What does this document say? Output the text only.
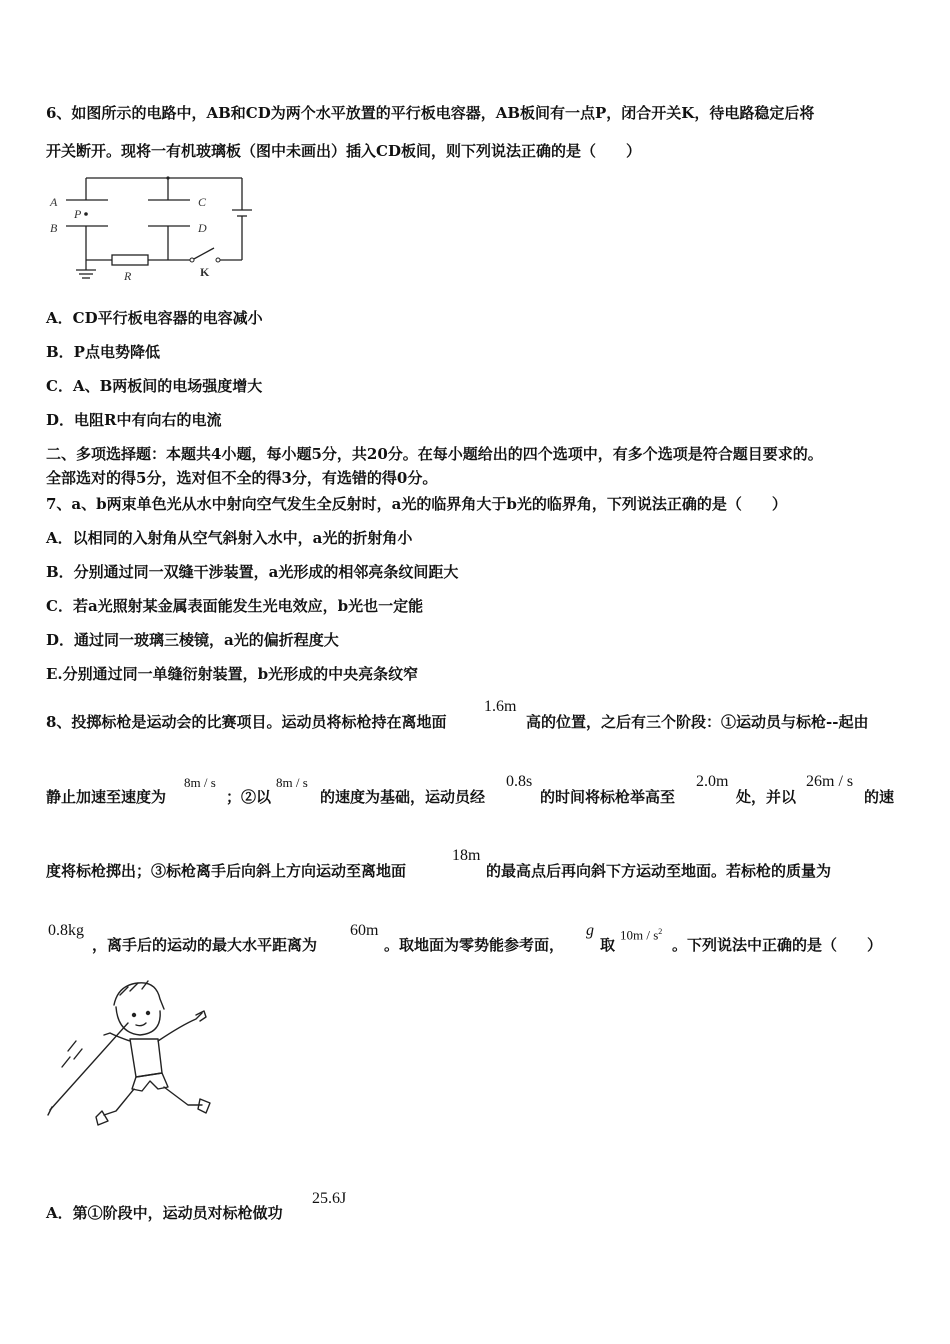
6、如图所示的电路中，AB和CD为两个水平放置的平行板电容器，AB板间有一点P，闭合开关K，待电路稳定后将
开关断开。现将一有机玻璃板（图中未画出）插入CD板间，则下列说法正确的是（　　）
A
B
P
C
D
R	K
A．CD平行板电容器的电容减小
B．P点电势降低
C．A、B两板间的电场强度增大
D．电阻R中有向右的电流
二、多项选择题：本题共4小题，每小题5分，共20分。在每小题给出的四个选项中，有多个选项是符合题目要求的。
全部选对的得5分，选对但不全的得3分，有选错的得0分。
7、a、b两束单色光从水中射向空气发生全反射时，a光的临界角大于b光的临界角，下列说法正确的是（　　）
A．以相同的入射角从空气斜射入水中，a光的折射角小
B．分别通过同一双缝干涉装置，a光形成的相邻亮条纹间距大
C．若a光照射某金属表面能发生光电效应，b光也一定能
D．通过同一玻璃三棱镜，a光的偏折程度大
E.分别通过同一单缝衍射装置，b光形成的中央亮条纹窄
8、投掷标枪是运动会的比赛项目。运动员将标枪持在离地面
1.6m
高的位置，之后有三个阶段：①运动员与标枪--起由
静止加速至速度为
8m / s
；②以
8m / s
的速度为基础，运动员经
0.8s
的时间将标枪举高至
2.0m
处，并以
26m / s
的速
度将标枪掷出；③标枪离手后向斜上方向运动至离地面
18m
的最高点后再向斜下方运动至地面。若标枪的质量为
0.8kg
，离手后的运动的最大水平距离为
60m
。取地面为零势能参考面，
g
取
$10m / s^2$
。下列说法中正确的是（　　）
A．第①阶段中，运动员对标枪做功
25.6J
